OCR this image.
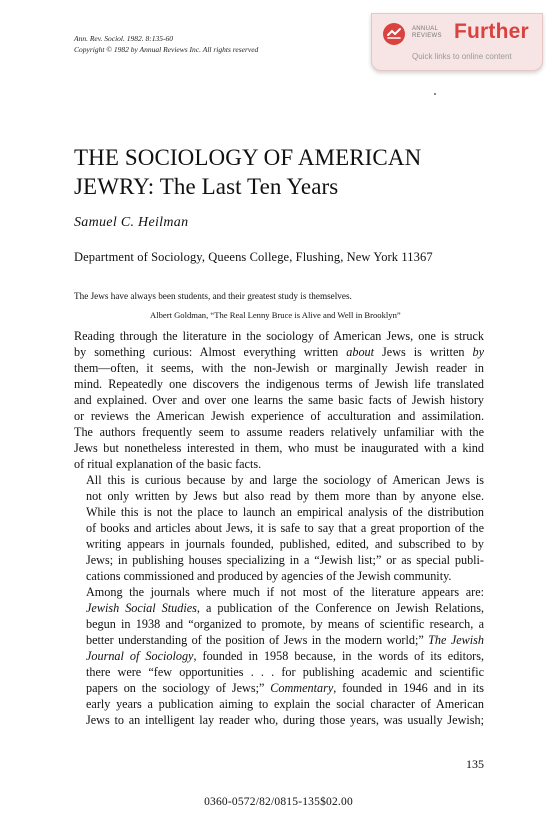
Ann. Rev. Sociol. 1982. 8:135-60
Copyright © 1982 by Annual Reviews Inc. All rights reserved
ANNUAL REVIEWS Further
Quick links to online content
THE SOCIOLOGY OF AMERICAN
JEWRY: The Last Ten Years
Samuel C. Heilman
Department of Sociology, Queens College, Flushing, New York 11367
The Jews have always been students, and their greatest study is themselves.
Albert Goldman, “The Real Lenny Bruce is Alive and Well in Brooklyn”

Reading through the literature in the sociology of American Jews, one is struck
by something curious: Almost everything written about Jews is written by
them—often, it seems, with the non-Jewish or marginally Jewish reader in
mind. Repeatedly one discovers the indigenous terms of Jewish life translated
and explained. Over and over one learns the same basic facts of Jewish history
or reviews the American Jewish experience of acculturation and assimilation.
The authors frequently seem to assume readers relatively unfamiliar with the
Jews but nonetheless interested in them, who must be inaugurated with a kind
of ritual explanation of the basic facts.

All this is curious because by and large the sociology of American Jews is
not only written by Jews but also read by them more than by anyone else.
While this is not the place to launch an empirical analysis of the distribution
of books and articles about Jews, it is safe to say that a great proportion of the
writing appears in journals founded, published, edited, and subscribed to by
Jews; in publishing houses specializing in a “Jewish list;” or as special publi-
cations commissioned and produced by agencies of the Jewish community.

Among the journals where much if not most of the literature appears are:
Jewish Social Studies, a publication of the Conference on Jewish Relations,
begun in 1938 and “organized to promote, by means of scientific research, a
better understanding of the position of Jews in the modern world;” The Jewish
Journal of Sociology, founded in 1958 because, in the words of its editors,
there were “few opportunities . . . for publishing academic and scientific
papers on the sociology of Jews;” Commentary, founded in 1946 and in its
early years a publication aiming to explain the social character of American
Jews to an intelligent lay reader who, during those years, was usually Jewish;

135
0360-0572/82/0815-135$02.00
